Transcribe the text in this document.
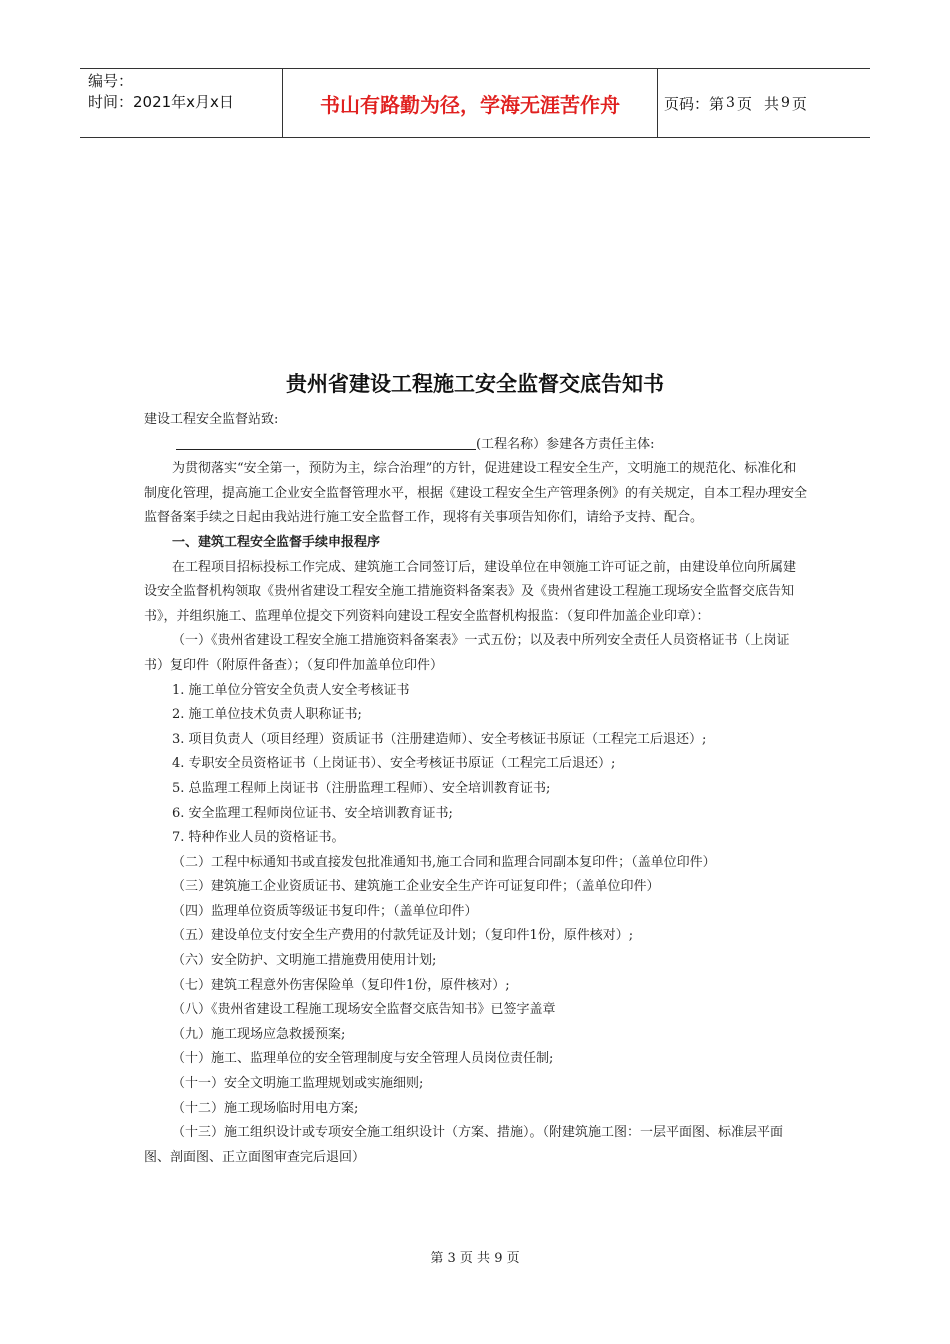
编号：
时间：2021年x月x日	书山有路勤为径，学海无涯苦作舟	页码：第 3 页 共 9 页
贵州省建设工程施工安全监督交底告知书

建设工程安全监督站致:

(工程名称）参建各方责任主体:

为贯彻落实“安全第一，预防为主，综合治理”的方针，促进建设工程安全生产，文明施工的规范化、标准化和制度化管理，提高施工企业安全监督管理水平，根据《建设工程安全生产管理条例》的有关规定，自本工程办理安全监督备案手续之日起由我站进行施工安全监督工作，现将有关事项告知你们，请给予支持、配合。

一、建筑工程安全监督手续申报程序

在工程项目招标投标工作完成、建筑施工合同签订后，建设单位在申领施工许可证之前，由建设单位向所属建设安全监督机构领取《贵州省建设工程安全施工措施资料备案表》及《贵州省建设工程施工现场安全监督交底告知书》，并组织施工、监理单位提交下列资料向建设工程安全监督机构报监：（复印件加盖企业印章）：

（一）《贵州省建设工程安全施工措施资料备案表》一式五份；以及表中所列安全责任人员资格证书（上岗证书）复印件（附原件备查）；（复印件加盖单位印件）

1. 施工单位分管安全负责人安全考核证书

2. 施工单位技术负责人职称证书;

3. 项目负责人（项目经理）资质证书（注册建造师）、安全考核证书原证（工程完工后退还）;

4. 专职安全员资格证书（上岗证书）、安全考核证书原证（工程完工后退还）;

5. 总监理工程师上岗证书（注册监理工程师）、安全培训教育证书;

6. 安全监理工程师岗位证书、安全培训教育证书;

7. 特种作业人员的资格证书。

（二）工程中标通知书或直接发包批准通知书,施工合同和监理合同副本复印件；（盖单位印件）

（三）建筑施工企业资质证书、建筑施工企业安全生产许可证复印件；（盖单位印件）

（四）监理单位资质等级证书复印件；（盖单位印件）

（五）建设单位支付安全生产费用的付款凭证及计划；（复印件1份，原件核对）;

（六）安全防护、文明施工措施费用使用计划;

（七）建筑工程意外伤害保险单（复印件1份，原件核对）;

（八）《贵州省建设工程施工现场安全监督交底告知书》已签字盖章

（九）施工现场应急救援预案;

（十）施工、监理单位的安全管理制度与安全管理人员岗位责任制;

（十一）安全文明施工监理规划或实施细则;

（十二）施工现场临时用电方案;

（十三）施工组织设计或专项安全施工组织设计（方案、措施）。（附建筑施工图：一层平面图、标准层平面图、剖面图、正立面图审查完后退回）

第 3 页 共 9 页
